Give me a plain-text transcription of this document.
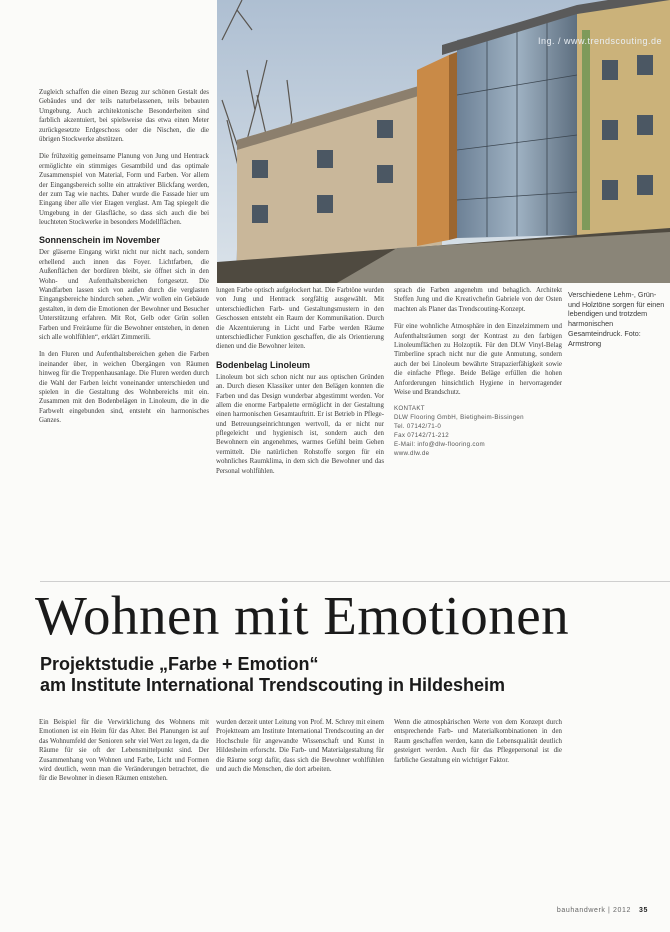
Ing. / www.trendscouting.de
Verschiedene Lehm-, Grün- und Holztöne sorgen für einen lebendigen und trotzdem harmonischen Gesamteindruck. Foto: Armstrong

Zugleich schaffen die einen Bezug zur schönen Gestalt des Gebäudes und der teils naturbelassenen, teils bebauten Umgebung. Auch architektonische Besonderheiten sind farblich akzentuiert, bei spielsweise das etwa einen Meter zurückgesetzte Erdgeschoss oder die Nischen, die die übrigen Stockwerke abstützen.

Die frühzeitig gemeinsame Planung von Jung und Hentrack ermöglichte ein stimmiges Gesamtbild und das optimale Zusammenspiel von Material, Form und Farben. Vor allem der Eingangsbereich sollte ein attraktiver Blickfang werden, der zum Tag wie nachts. Daher wurde die Fassade hier um Eingang über alle vier Etagen verglast. Am Tag spiegelt die Umgebung in der Glasfläche, so dass sich auch die bei leuchteten Stockwerke in besonders Modellflächen.

Sonnenschein im November

Der gläserne Eingang wirkt nicht nur nicht nach, sondern erhellend auch innen das Foyer. Lichtfarben, die Außenflächen der bordüren bleibt, sie öffnet sich in den Wohn- und Aufenthaltsbereichen fortgesetzt. Die Wandfarben lassen sich von außen durch die verglasten Eingangsbereiche hindurch sehen. „Wir wollen ein Gebäude gestalten, in dem die Emotionen der Bewohner und Besucher Unterstützung erfahren. Mit Rot, Gelb oder Grün sollen Farben und Freiräume für die Bewohner entstehen, in denen sich alle wohlfühlen“, erklärt Zimmerili.

In den Fluren und Aufenthaltsbereichen gehen die Farben ineinander über, in weichen Übergängen von Räumen hinweg für die Treppenhausanlage. Die Fluren werden durch die Wahl der Farben leicht voneinander unterschieden und spielen in die Gestaltung des Wohnbereichs mit ein. Zusammen mit den Bodenbelägen in Linoleum, die in die Farbwelt eingebunden sind, entsteht ein harmonisches Ganzes.

lungen Farbe optisch aufgelockert hat. Die Farbtöne wurden von Jung und Hentrack sorgfältig ausgewählt. Mit unterschiedlichen Farb- und Gestaltungsmustern in den Geschossen entsteht ein Raum der Kommunikation. Durch die Akzentuierung in Licht und Farbe werden Räume unterschiedlicher Funktion geschaffen, die als Orientierung dienen und die Bewohner leiten.

Bodenbelag Linoleum

Linoleum bot sich schon nicht nur aus optischen Gründen an. Durch diesen Klassiker unter den Belägen konnten die Farben und das Design wunderbar abgestimmt werden. Vor allem die enorme Farbpalette ermöglicht in der Gestaltung einen harmonischen Gesamtauftritt. Er ist Betrieb in Pflege- und Betreuungseinrichtungen wertvoll, da er nicht nur pflegeleicht und hygienisch ist, sondern auch den Bewohnern ein angenehmes, warmes Gefühl beim Gehen vermittelt. Die natürlichen Rohstoffe sorgen für ein wohnliches Raumklima, in dem sich die Bewohner und das Personal wohlfühlen.

sprach die Farben angenehm und behaglich. Architekt Steffen Jung und die Kreativchefin Gabriele von der Osten machten als Planer das Trendscouting-Konzept.

Für eine wohnliche Atmosphäre in den Einzelzimmern und Aufenthaltsräumen sorgt der Kontrast zu den farbigen Linoleumflächen zu Holzoptik. Für den DLW Vinyl-Belag Timberline sprach nicht nur die gute Anmutung, sondern auch der bei Linoleum bewährte Strapazierfähigkeit sowie die einfache Pflege. Beide Beläge erfüllen die hohen Anforderungen hinsichtlich Hygiene in hervorragender Weise und Brandschutz.

KONTAKT
DLW Flooring GmbH, Bietigheim-Bissingen
Tel. 07142/71-0
Fax 07142/71-212
E-Mail: info@dlw-flooring.com
www.dlw.de
Wohnen mit Emotionen
Projektstudie „Farbe + Emotion“
am Institute International Trendscouting in Hildesheim

Ein Beispiel für die Verwirklichung des Wohnens mit Emotionen ist ein Heim für das Alter. Bei Planungen ist auf das Wohnumfeld der Senioren sehr viel Wert zu legen, da die Räume für sie oft der Lebensmittelpunkt sind. Der Zusammenhang von Wohnen und Farbe, Licht und Formen wird deutlich, wenn man die Veränderungen betrachtet, die für die Bewohner in diesen Räumen entstehen.

wurden derzeit unter Leitung von Prof. M. Schrey mit einem Projektteam am Institute International Trendscouting an der Hochschule für angewandte Wissenschaft und Kunst in Hildesheim erforscht. Die Farb- und Materialgestaltung für die Räume sorgt dafür, dass sich die Bewohner wohlfühlen und auch die Menschen, die dort arbeiten.

Wenn die atmosphärischen Werte von dem Konzept durch entsprechende Farb- und Materialkombinationen in den Raum geschaffen werden, kann die Lebensqualität deutlich gesteigert werden. Auch für das Pflegepersonal ist die farbliche Gestaltung ein wichtiger Faktor.

bauhandwerk | 2012 35
